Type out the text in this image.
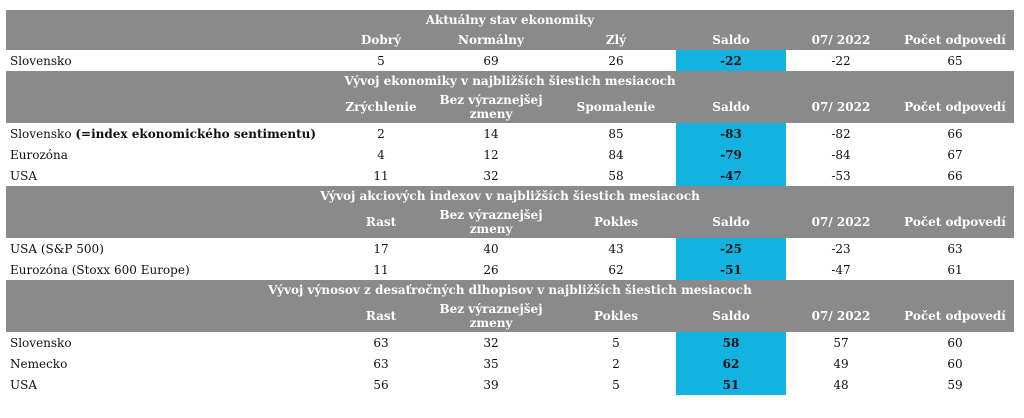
Aktuálny stav ekonomiky						
	Dobrý	Normálny	Zlý	Saldo	07/ 2022	Počet odpovedí
Slovensko	5	69	26	-22	-22	65
Vývoj ekonomiky v najbližších šiestich mesiacoch						
	Zrýchlenie	Bez výraznejšej zmeny	Spomalenie	Saldo	07/ 2022	Počet odpovedí
Slovensko (=index ekonomického sentimentu)	2	14	85	-83	-82	66
Eurozóna	4	12	84	-79	-84	67
USA	11	32	58	-47	-53	66
Vývoj akciových indexov v najbližších šiestich mesiacoch						
	Rast	Bez výraznejšej zmeny	Pokles	Saldo	07/ 2022	Počet odpovedí
USA (S&P 500)	17	40	43	-25	-23	63
Eurozóna (Stoxx 600 Europe)	11	26	62	-51	-47	61
Vývoj výnosov z desaťročných dlhopisov v najbližších šiestich mesiacoch						
	Rast	Bez výraznejšej zmeny	Pokles	Saldo	07/ 2022	Počet odpovedí
Slovensko	63	32	5	58	57	60
Nemecko	63	35	2	62	49	60
USA	56	39	5	51	48	59
